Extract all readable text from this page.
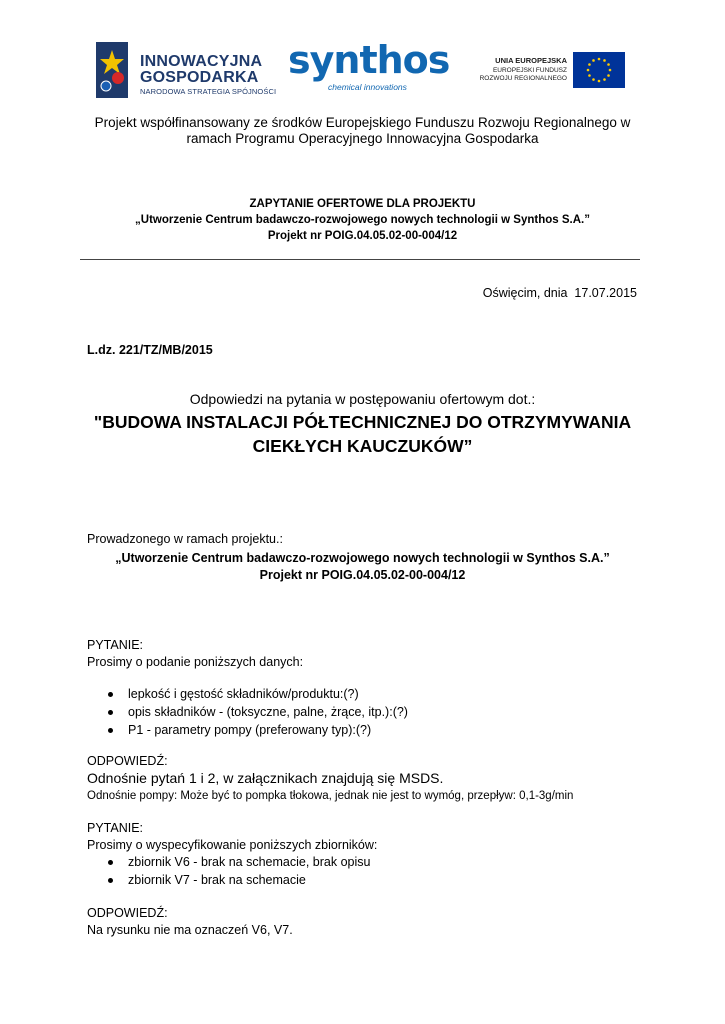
INNOWACYJNA
GOSPODARKA
NARODOWA STRATEGIA SPÓJNOŚCI
synthos
chemical innovations
UNIA EUROPEJSKA
EUROPEJSKI FUNDUSZ
ROZWOJU REGIONALNEGO
Projekt współfinansowany ze środków Europejskiego Funduszu Rozwoju Regionalnego w
ramach Programu Operacyjnego Innowacyjna Gospodarka
ZAPYTANIE OFERTOWE DLA PROJEKTU
„Utworzenie Centrum badawczo-rozwojowego nowych technologii w Synthos S.A.”
Projekt nr POIG.04.05.02-00-004/12
Oświęcim, dnia  17.07.2015
L.dz. 221/TZ/MB/2015
Odpowiedzi na pytania w postępowaniu ofertowym dot.:
"BUDOWA INSTALACJI PÓŁTECHNICZNEJ DO OTRZYMYWANIA
CIEKŁYCH KAUCZUKÓW”
Prowadzonego w ramach projektu.:
„Utworzenie Centrum badawczo-rozwojowego nowych technologii w Synthos S.A.”
Projekt nr POIG.04.05.02-00-004/12
PYTANIE:
Prosimy o podanie poniższych danych:
lepkość i gęstość składników/produktu:(?)
opis składników - (toksyczne, palne, żrące, itp.):(?)
P1 - parametry pompy (preferowany typ):(?)
ODPOWIEDŹ:
Odnośnie pytań 1 i 2, w załącznikach znajdują się MSDS.
Odnośnie pompy: Może być to pompka tłokowa, jednak nie jest to wymóg, przepływ: 0,1-3g/min
PYTANIE:
Prosimy o wyspecyfikowanie poniższych zbiorników:
zbiornik V6 - brak na schemacie, brak opisu
zbiornik V7 - brak na schemacie
ODPOWIEDŹ:
Na rysunku nie ma oznaczeń V6, V7.
